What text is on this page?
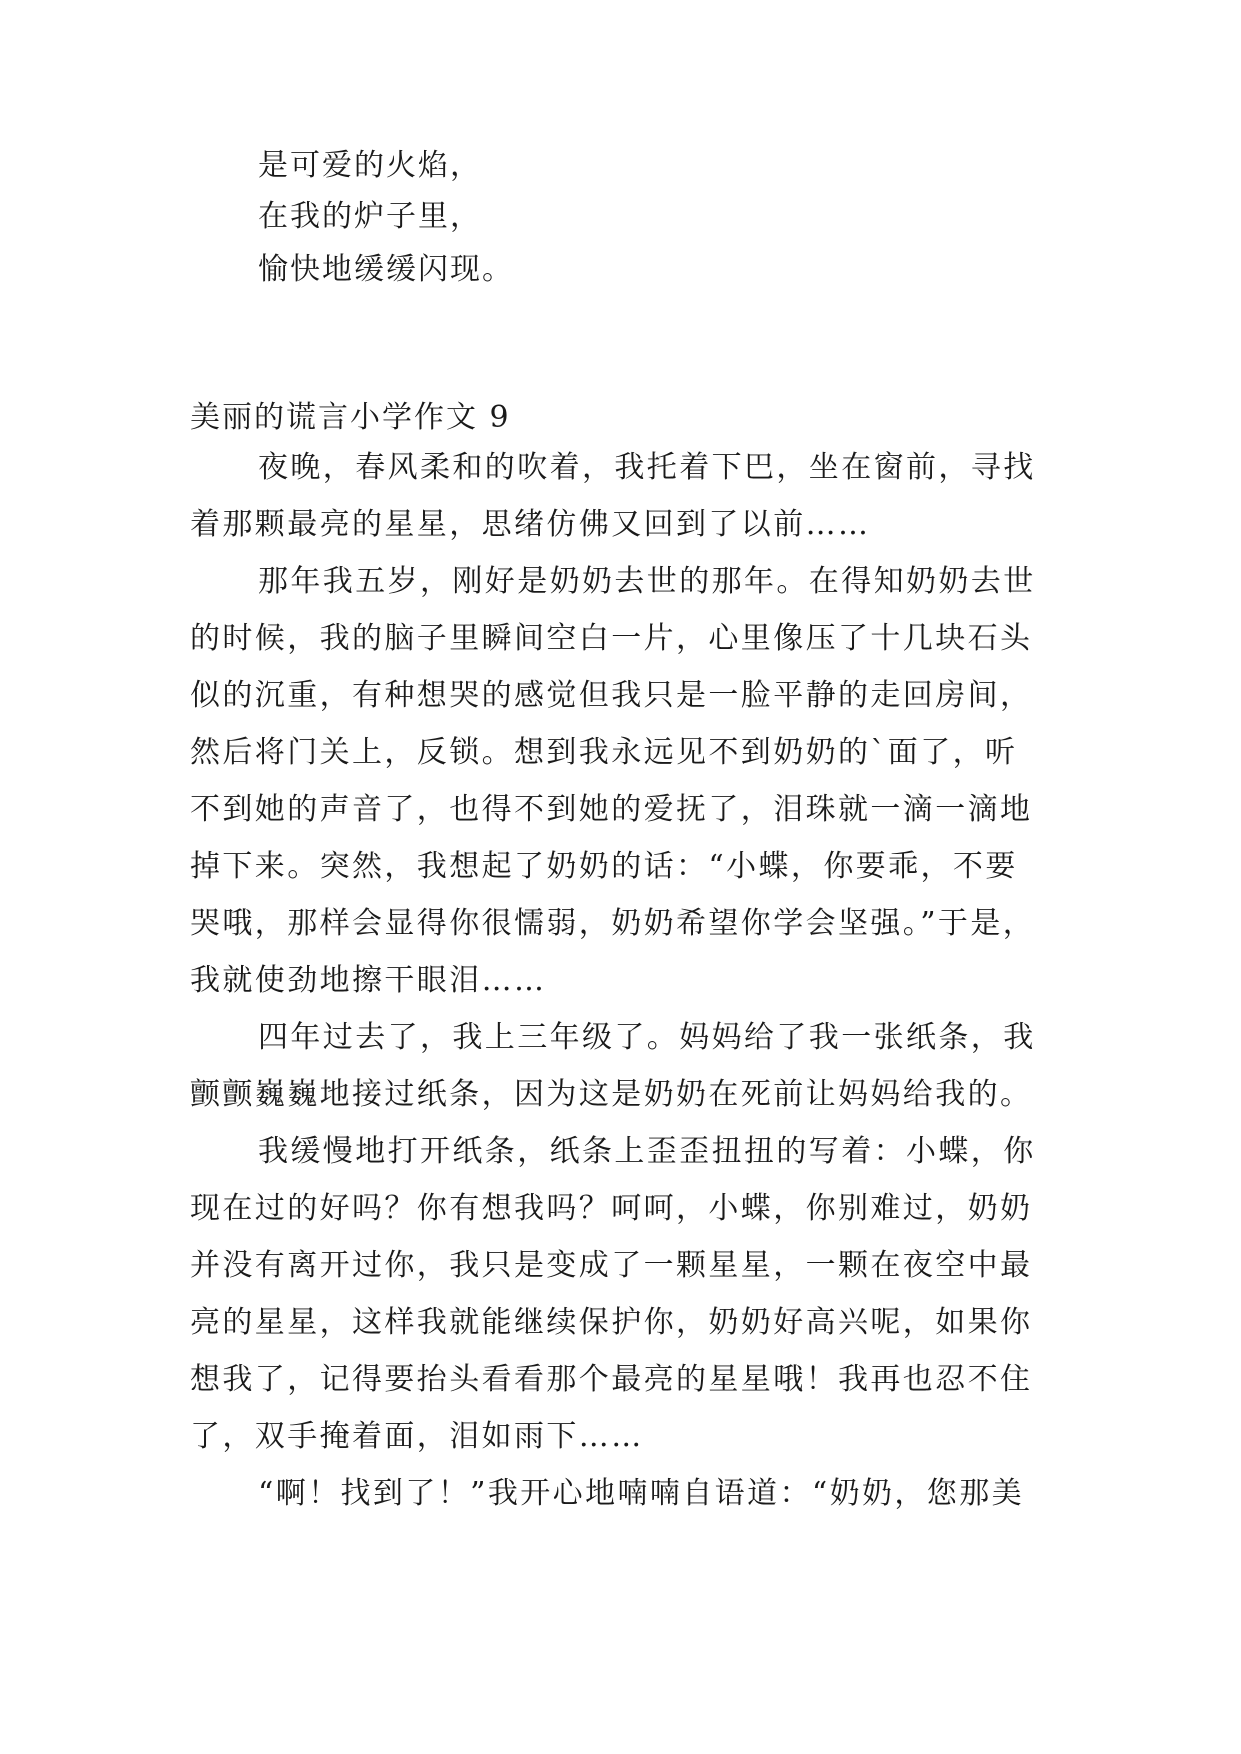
是可爱的火焰，
在我的炉子里，
愉快地缓缓闪现。
美丽的谎言小学作文 9
夜晚，春风柔和的吹着，我托着下巴，坐在窗前，寻找
着那颗最亮的星星，思绪仿佛又回到了以前……
那年我五岁，刚好是奶奶去世的那年。在得知奶奶去世
的时候，我的脑子里瞬间空白一片，心里像压了十几块石头
似的沉重，有种想哭的感觉但我只是一脸平静的走回房间，
然后将门关上，反锁。想到我永远见不到奶奶的`面了，听
不到她的声音了，也得不到她的爱抚了，泪珠就一滴一滴地
掉下来。突然，我想起了奶奶的话：“小蝶，你要乖，不要
哭哦，那样会显得你很懦弱，奶奶希望你学会坚强。”于是，
我就使劲地擦干眼泪……
四年过去了，我上三年级了。妈妈给了我一张纸条，我
颤颤巍巍地接过纸条，因为这是奶奶在死前让妈妈给我的。
我缓慢地打开纸条，纸条上歪歪扭扭的写着：小蝶，你
现在过的好吗？你有想我吗？呵呵，小蝶，你别难过，奶奶
并没有离开过你，我只是变成了一颗星星，一颗在夜空中最
亮的星星，这样我就能继续保护你，奶奶好高兴呢，如果你
想我了，记得要抬头看看那个最亮的星星哦！我再也忍不住
了，双手掩着面，泪如雨下……
“啊！找到了！”我开心地喃喃自语道：“奶奶，您那美
